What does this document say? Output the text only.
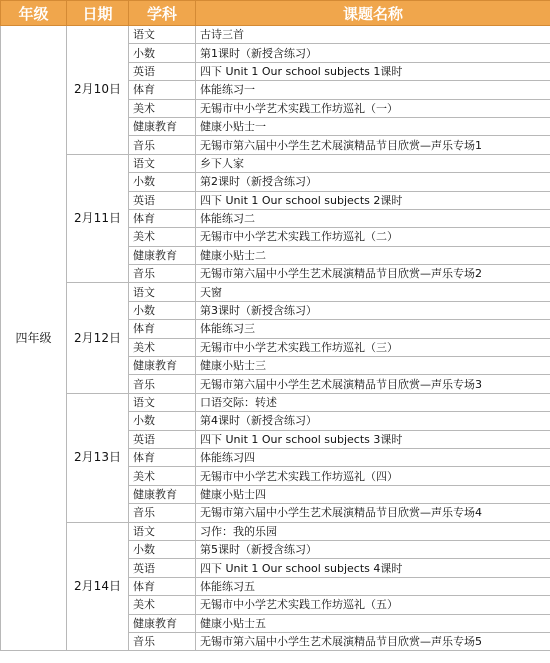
年级	日期	学科	课题名称
四年级	2月10日	语文	古诗三首
		小数	第1课时（新授含练习）
		英语	四下 Unit 1 Our school subjects 1课时
		体育	体能练习一
		美术	无锡市中小学艺术实践工作坊巡礼（一）
		健康教育	健康小贴士一
		音乐	无锡市第六届中小学生艺术展演精品节目欣赏—声乐专场1
	2月11日	语文	乡下人家
		小数	第2课时（新授含练习）
		英语	四下 Unit 1 Our school subjects 2课时
		体育	体能练习二
		美术	无锡市中小学艺术实践工作坊巡礼（二）
		健康教育	健康小贴士二
		音乐	无锡市第六届中小学生艺术展演精品节目欣赏—声乐专场2
	2月12日	语文	天窗
		小数	第3课时（新授含练习）
		体育	体能练习三
		美术	无锡市中小学艺术实践工作坊巡礼（三）
		健康教育	健康小贴士三
		音乐	无锡市第六届中小学生艺术展演精品节目欣赏—声乐专场3
	2月13日	语文	口语交际：转述
		小数	第4课时（新授含练习）
		英语	四下 Unit 1 Our school subjects 3课时
		体育	体能练习四
		美术	无锡市中小学艺术实践工作坊巡礼（四）
		健康教育	健康小贴士四
		音乐	无锡市第六届中小学生艺术展演精品节目欣赏—声乐专场4
	2月14日	语文	习作：我的乐园
		小数	第5课时（新授含练习）
		英语	四下 Unit 1 Our school subjects 4课时
		体育	体能练习五
		美术	无锡市中小学艺术实践工作坊巡礼（五）
		健康教育	健康小贴士五
		音乐	无锡市第六届中小学生艺术展演精品节目欣赏—声乐专场5
